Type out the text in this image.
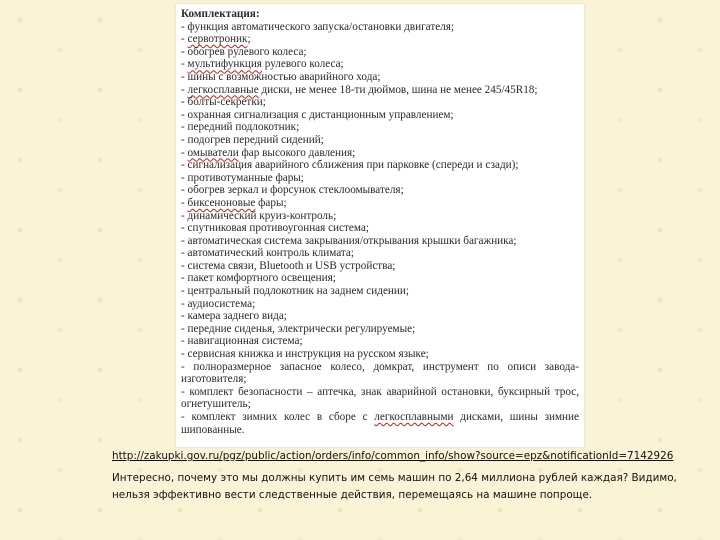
Комплектация:
- функция автоматического запуска/остановки двигателя;
- сервотроник;
- обогрев рулевого колеса;
- мультифункция рулевого колеса;
- шины с возможностью аварийного хода;
- легкосплавные диски, не менее 18-ти дюймов, шина не менее 245/45R18;
- болты-секретки;
- охранная сигнализация с дистанционным управлением;
- передний подлокотник;
- подогрев передний сидений;
- омыватели фар высокого давления;
- сигнализация аварийного сближения при парковке (спереди и сзади);
- противотуманные фары;
- обогрев зеркал и форсунок стеклоомывателя;
- биксеноновые фары;
- динамический круиз-контроль;
- спутниковая противоугонная система;
- автоматическая система закрывания/открывания крышки багажника;
- автоматический контроль климата;
- система связи, Bluetooth и USB устройства;
- пакет комфортного освещения;
- центральный подлокотник на заднем сидении;
- аудиосистема;
- камера заднего вида;
- передние сиденья, электрически регулируемые;
- навигационная система;
- сервисная книжка и инструкция на русском языке;
- полноразмерное запасное колесо, домкрат, инструмент по описи завода-изготовителя;
- комплект безопасности – аптечка, знак аварийной остановки, буксирный трос, огнетушитель;
- комплект зимних колес в сборе с легкосплавными дисками, шины зимние шипованные.
http://zakupki.gov.ru/pgz/public/action/orders/info/common_info/show?source=epz&notificationId=7142926
Интересно, почему это мы должны купить им семь машин по 2,64 миллиона рублей каждая? Видимо, нельзя эффективно вести следственные действия, перемещаясь на машине попроще.
